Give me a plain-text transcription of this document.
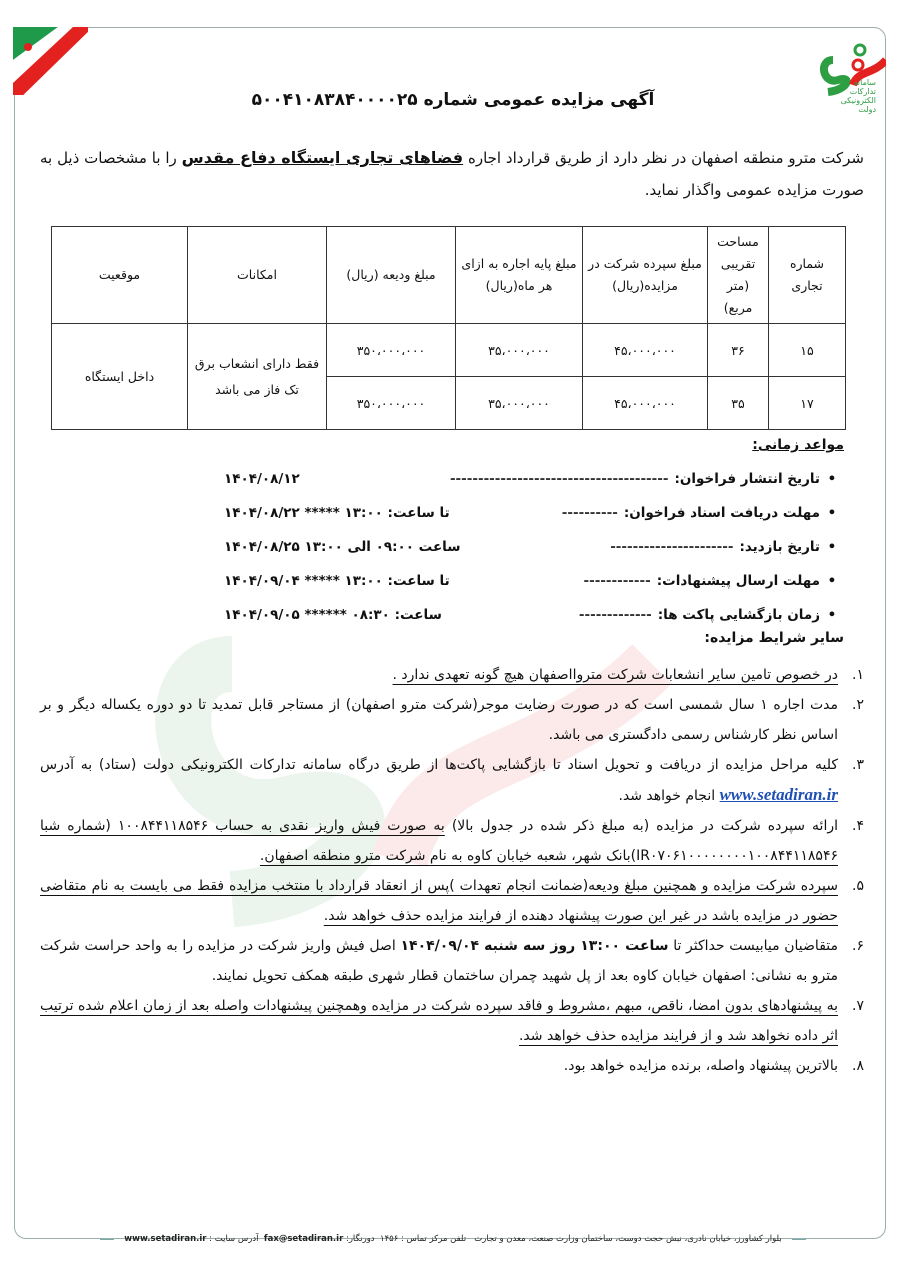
سامانه تدارکات الکترونیکی دولت
آگهی مزایده عمومی شماره ۵۰۰۴۱۰۸۳۸۴۰۰۰۰۲۵
شرکت مترو منطقه اصفهان در نظر دارد از طریق قرارداد اجاره فضاهای تجاری ایستگاه دفاع مقدس را با مشخصات ذیل به صورت مزایده عمومی واگذار نماید.
شماره تجاری	مساحت تقریبی (متر مربع)	مبلغ سپرده شرکت در مزایده(ریال)	مبلغ پایه اجاره به ازای هر ماه(ریال)	مبلغ ودیعه (ریال)	امکانات	موقعیت
۱۵	۳۶	۴۵،۰۰۰،۰۰۰	۳۵،۰۰۰،۰۰۰	۳۵۰،۰۰۰،۰۰۰	فقط دارای انشعاب برق تک فاز می باشد	داخل ایستگاه
۱۷	۳۵	۴۵،۰۰۰،۰۰۰	۳۵،۰۰۰،۰۰۰	۳۵۰،۰۰۰،۰۰۰		
مواعد زمانی:
•
تاریخ انتشار فراخوان:
---------------------------------------
۱۴۰۴/۰۸/۱۲
•
مهلت دریافت اسناد فراخوان:
----------
تا ساعت: ۱۳:۰۰ ***** ۱۴۰۴/۰۸/۲۲
•
تاریخ بازدید:
----------------------
ساعت ۰۹:۰۰ الی ۱۳:۰۰ ۱۴۰۴/۰۸/۲۵
•
مهلت ارسال پیشنهادات:
------------
تا ساعت: ۱۳:۰۰ ***** ۱۴۰۴/۰۹/۰۴
•
زمان بازگشایی پاکت ها:
-------------
ساعت: ۰۸:۳۰ ****** ۱۴۰۴/۰۹/۰۵
سایر شرایط مزایده:
۱.
در خصوص تامین سایر انشعابات شرکت متروااصفهان هیچ گونه تعهدی ندارد .
۲.
مدت اجاره ۱ سال شمسی است که در صورت رضایت موجر(شرکت مترو اصفهان) از مستاجر قابل تمدید تا دو دوره یکساله دیگر و بر اساس نظر کارشناس رسمی دادگستری می باشد.
۳.
کلیه مراحل مزایده از دریافت و تحویل اسناد تا بازگشایی پاکت‌ها از طریق درگاه سامانه تدارکات الکترونیکی دولت (ستاد) به آدرس www.setadiran.ir انجام خواهد شد.
۴.
ارائه سپرده شرکت در مزایده (به مبلغ ذکر شده در جدول بالا) به صورت فیش واریز نقدی به حساب ۱۰۰۸۴۴۱۱۸۵۴۶ (شماره شبا IR۰۷۰۶۱۰۰۰۰۰۰۰۰۱۰۰۸۴۴۱۱۸۵۴۶)بانک شهر، شعبه خیابان کاوه به نام شرکت مترو منطقه اصفهان.
۵.
سپرده شرکت مزایده و همچنین مبلغ ودیعه(ضمانت انجام تعهدات )پس از انعقاد قرارداد با منتخب مزایده فقط می بایست به نام متقاضی حضور در مزایده باشد در غیر این صورت پیشنهاد دهنده از فرایند مزایده حذف خواهد شد.
۶.
متقاضیان میابیست حداکثر تا ساعت ۱۳:۰۰ روز سه شنبه ۱۴۰۴/۰۹/۰۴ اصل فیش واریز شرکت در مزایده را به واحد حراست شرکت مترو به نشانی: اصفهان خیابان کاوه بعد از پل شهید چمران ساختمان قطار شهری طبقه همکف تحویل نمایند.
۷.
به پیشنهادهای بدون امضا، ناقص، مبهم ،مشروط و فاقد سپرده شرکت در مزایده وهمچنین پیشنهادات واصله بعد از زمان اعلام شده ترتیب اثر داده نخواهد شد و از فرایند مزایده حذف خواهد شد.
۸.
بالاترین پیشنهاد واصله، برنده مزایده خواهد بود.
بلوار کشاورز، خیابان نادری، نبش حجت دوست، ساختمان وزارت صنعت، معدن و تجارت   تلفن مرکز تماس : ۱۴۵۶  دورنگار: fax@setadiran.ir  آدرس سایت : www.setadiran.ir
